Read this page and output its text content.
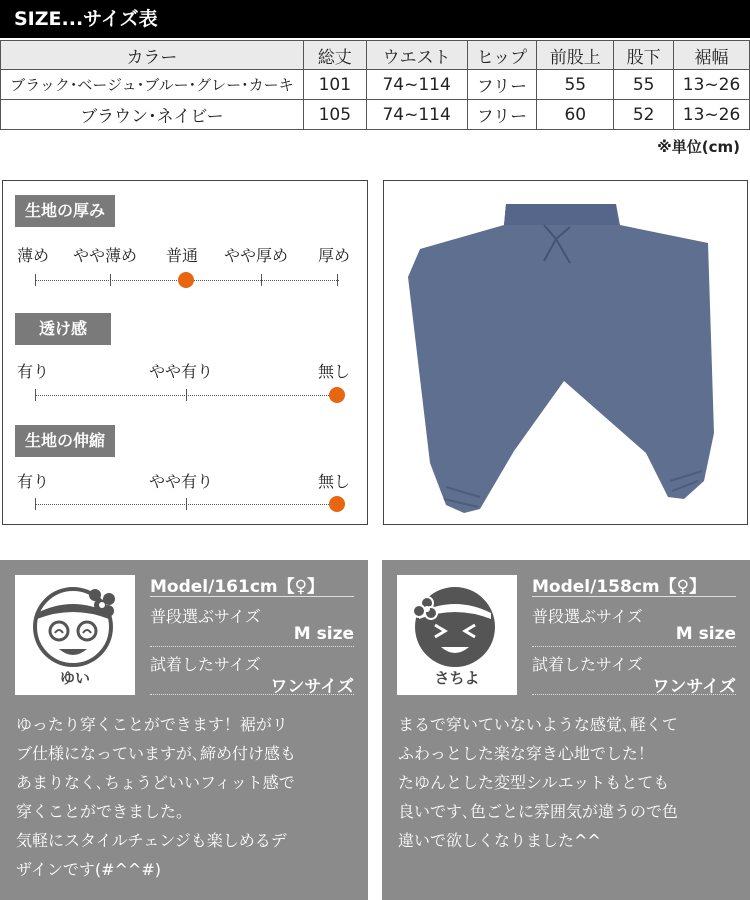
SIZE...サイズ表
カラー	総丈	ウエスト	ヒップ	前股上	股下	裾幅
ブラック･ベージュ･ブルー･グレー･カーキ	101	74~114	フリー	55	55	13~26
ブラウン･ネイビー	105	74~114	フリー	60	52	13~26
※単位(cm)
生地の厚み
薄め やや薄め 普通 やや厚め 厚め
透け感
有り	やや有り	無し
生地の伸縮
有り	やや有り	無し
ゆい
Model/161cm【♀】
普段選ぶサイズ
M size
試着したサイズ
ワンサイズ
ゆったり穿くことができます！裾がリ
ブ仕様になっていますが､締め付け感も
あまりなく､ちょうどいいフィット感で
穿くことができました｡
気軽にスタイルチェンジも楽しめるデ
ザインです(#^^#)
さちよ
Model/158cm【♀】
普段選ぶサイズ
M size
試着したサイズ
ワンサイズ
まるで穿いていないような感覚､軽くて
ふわっとした楽な穿き心地でした！
たゆんとした変型シルエットもとても
良いです､色ごとに雰囲気が違うので色
違いで欲しくなりました^^
